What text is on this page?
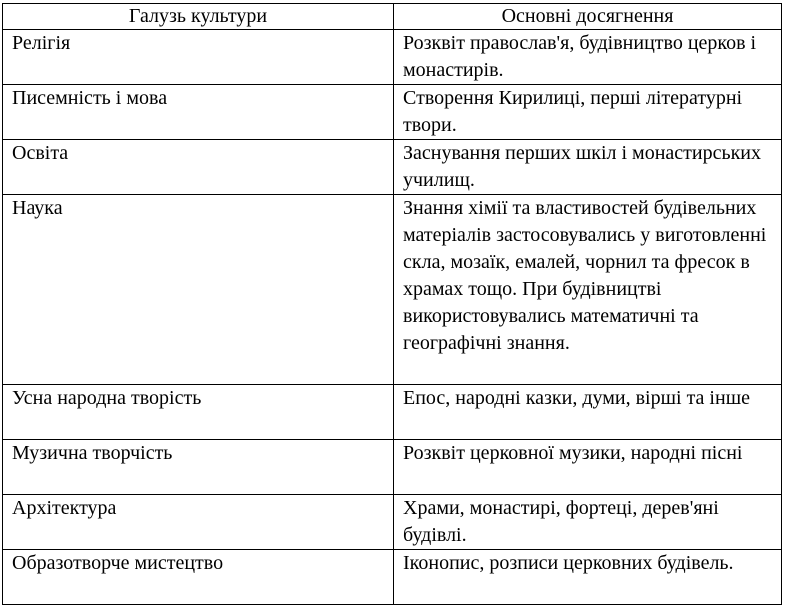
Галузь культури	Основні досягнення
Релігія	Розквіт православ'я, будівництво церков і монастирів.
Писемність і мова	Створення Кирилиці, перші літературні твори.
Освіта	Заснування перших шкіл і монастирських училищ.
Наука	Знання хімії та властивостей будівельних матеріалів застосовувались у виготовленні скла, мозаїк, емалей, чорнил та фресок в храмах тощо. При будівництві використовувались математичні та географічні знання.
Усна народна творість	Епос, народні казки, думи, вірші та інше
Музична творчість	Розквіт церковної музики, народні пісні
Архітектура	Храми, монастирі, фортеці, дерев'яні будівлі.
Образотворче мистецтво	Іконопис, розписи церковних будівель.
